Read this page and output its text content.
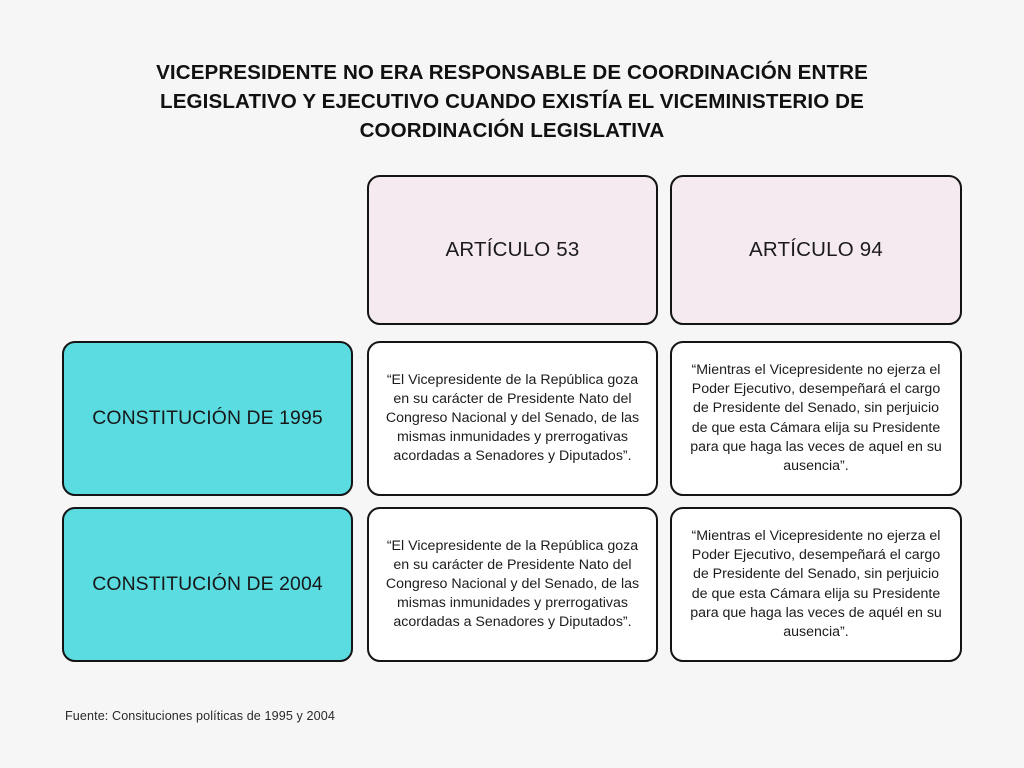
VICEPRESIDENTE NO ERA RESPONSABLE DE COORDINACIÓN ENTRE LEGISLATIVO Y EJECUTIVO CUANDO EXISTÍA EL VICEMINISTERIO DE COORDINACIÓN LEGISLATIVA
ARTÍCULO 53	ARTÍCULO 94
CONSTITUCIÓN DE 1995
“El Vicepresidente de la República goza en su carácter de Presidente Nato del Congreso Nacional y del Senado, de las mismas inmunidades y prerrogativas acordadas a Senadores y Diputados”.
“Mientras el Vicepresidente no ejerza el Poder Ejecutivo, desempeñará el cargo de Presidente del Senado, sin perjuicio de que esta Cámara elija su Presidente para que haga las veces de aquel en su ausencia”.
CONSTITUCIÓN DE 2004
“El Vicepresidente de la República goza en su carácter de Presidente Nato del Congreso Nacional y del Senado, de las mismas inmunidades y prerrogativas acordadas a Senadores y Diputados”.
“Mientras el Vicepresidente no ejerza el Poder Ejecutivo, desempeñará el cargo de Presidente del Senado, sin perjuicio de que esta Cámara elija su Presidente para que haga las veces de aquél en su ausencia”.
Fuente: Consituciones políticas de 1995 y 2004
